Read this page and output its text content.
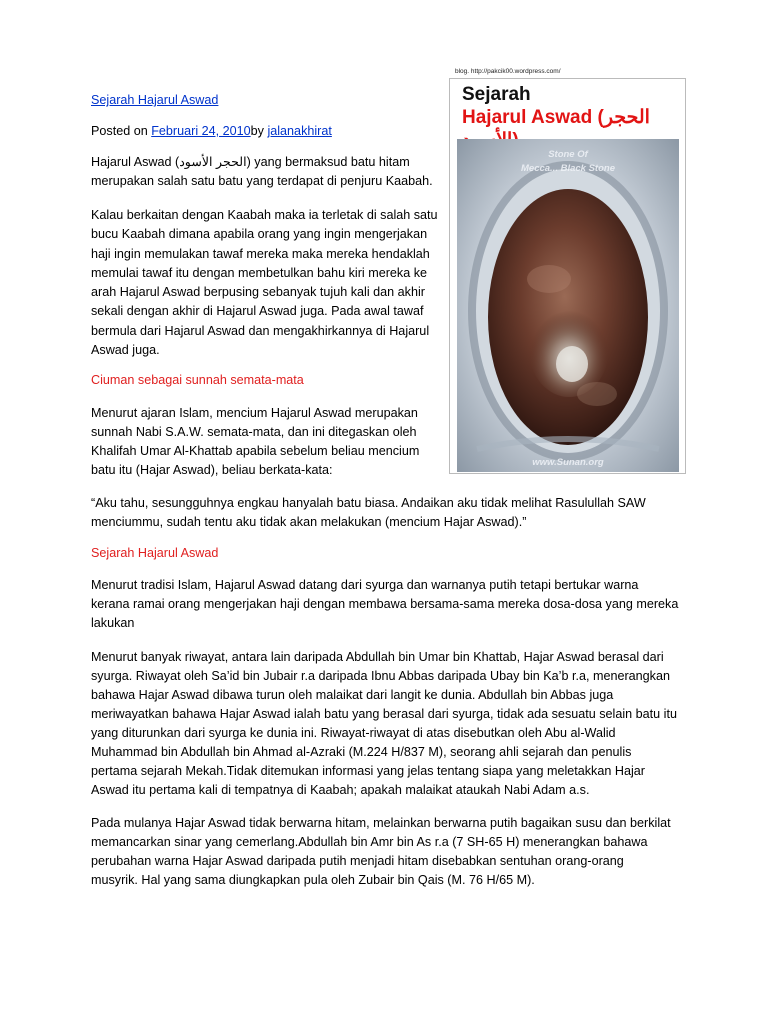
Sejarah Hajarul Aswad
Posted on Februari 24, 2010by jalanakhirat
Hajarul Aswad (الحجر الأسود) yang bermaksud batu hitam
merupakan salah satu batu yang terdapat di penjuru Kaabah.
Kalau berkaitan dengan Kaabah maka ia terletak di salah satu
bucu Kaabah dimana apabila orang yang ingin mengerjakan
haji ingin memulakan tawaf mereka maka mereka hendaklah
memulai tawaf itu dengan membetulkan bahu kiri mereka ke
arah Hajarul Aswad berpusing sebanyak tujuh kali dan akhir
sekali dengan akhir di Hajarul Aswad juga. Pada awal tawaf
bermula dari Hajarul Aswad dan mengakhirkannya di Hajarul
Aswad juga.
Ciuman sebagai sunnah semata-mata
Menurut ajaran Islam, mencium Hajarul Aswad merupakan
sunnah Nabi S.A.W. semata-mata, dan ini ditegaskan oleh
Khalifah Umar Al-Khattab apabila sebelum beliau mencium
batu itu (Hajar Aswad), beliau berkata-kata:
“Aku tahu, sesungguhnya engkau hanyalah batu biasa. Andaikan aku tidak melihat Rasulullah SAW
menciummu, sudah tentu aku tidak akan melakukan (mencium Hajar Aswad).”
Sejarah Hajarul Aswad
Menurut tradisi Islam, Hajarul Aswad datang dari syurga dan warnanya putih tetapi bertukar warna
kerana ramai orang mengerjakan haji dengan membawa bersama-sama mereka dosa-dosa yang mereka
lakukan
Menurut banyak riwayat, antara lain daripada Abdullah bin Umar bin Khattab, Hajar Aswad berasal dari
syurga. Riwayat oleh Sa’id bin Jubair r.a daripada Ibnu Abbas daripada Ubay bin Ka’b r.a, menerangkan
bahawa Hajar Aswad dibawa turun oleh malaikat dari langit ke dunia. Abdullah bin Abbas juga
meriwayatkan bahawa Hajar Aswad ialah batu yang berasal dari syurga, tidak ada sesuatu selain batu itu
yang diturunkan dari syurga ke dunia ini. Riwayat-riwayat di atas disebutkan oleh Abu al-Walid
Muhammad bin Abdullah bin Ahmad al-Azraki (M.224 H/837 M), seorang ahli sejarah dan penulis
pertama sejarah Mekah.Tidak ditemukan informasi yang jelas tentang siapa yang meletakkan Hajar
Aswad itu pertama kali di tempatnya di Kaabah; apakah malaikat ataukah Nabi Adam a.s.
Pada mulanya Hajar Aswad tidak berwarna hitam, melainkan berwarna putih bagaikan susu dan berkilat
memancarkan sinar yang cemerlang.Abdullah bin Amr bin As r.a (7 SH-65 H) menerangkan bahawa
perubahan warna Hajar Aswad daripada putih menjadi hitam disebabkan sentuhan orang-orang
musyrik. Hal yang sama diungkapkan pula oleh Zubair bin Qais (M. 76 H/65 M).
blog. http://pakcik00.wordpress.com/
Sejarah
Hajarul Aswad (الحجر
Stone Of
Mecca... Black Stone
www.Sunan.org
